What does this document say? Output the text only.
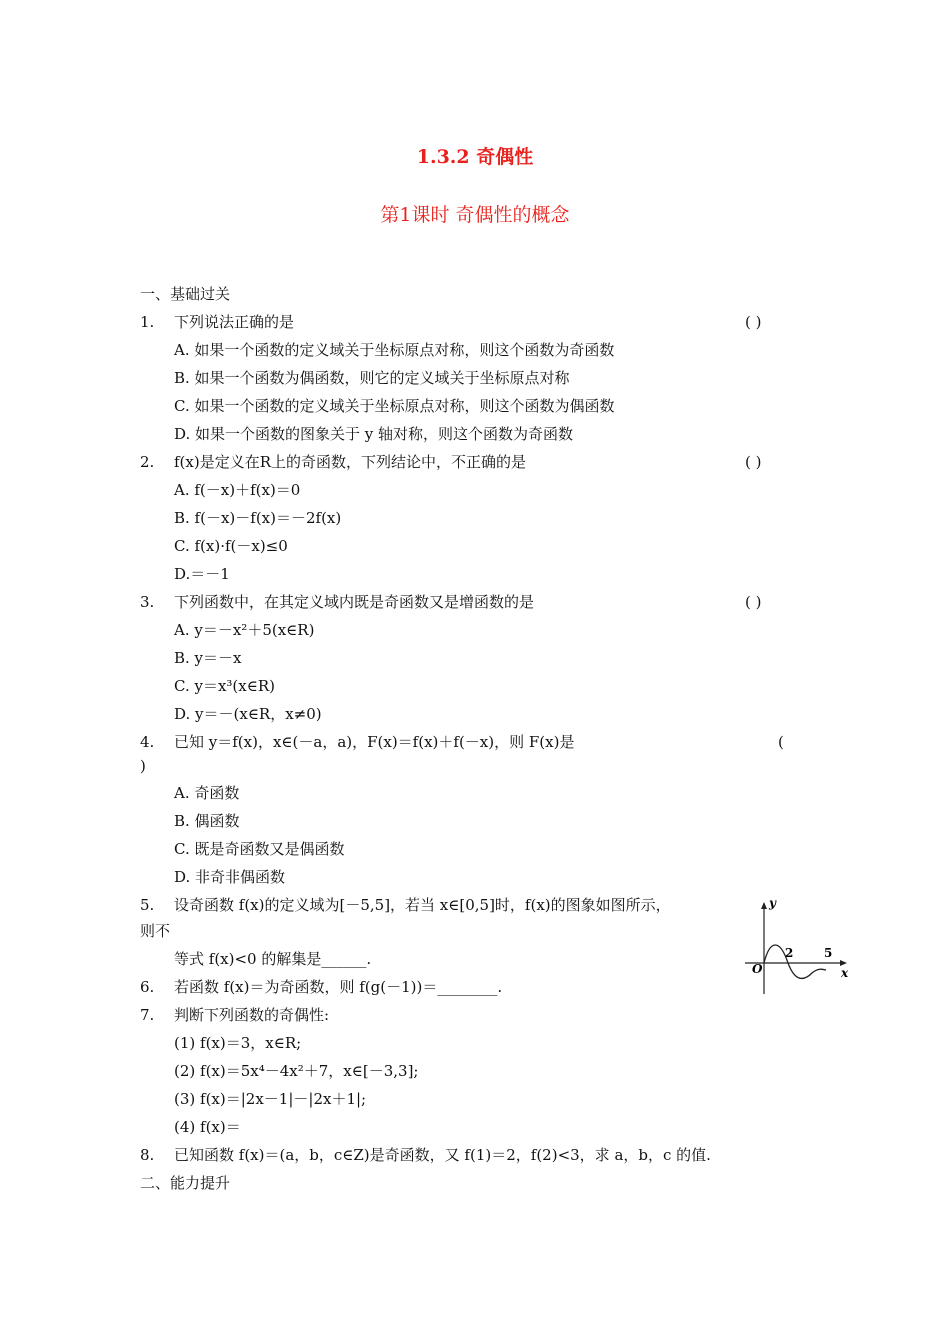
1.3.2 奇偶性
第1课时 奇偶性的概念
一、基础过关
1. 下列说法正确的是	( )
A. 如果一个函数的定义域关于坐标原点对称，则这个函数为奇函数
B. 如果一个函数为偶函数，则它的定义域关于坐标原点对称
C. 如果一个函数的定义域关于坐标原点对称，则这个函数为偶函数
D. 如果一个函数的图象关于 y 轴对称，则这个函数为奇函数
2. f(x)是定义在R上的奇函数，下列结论中，不正确的是	( )
A. f(－x)＋f(x)＝0
B. f(－x)－f(x)＝－2f(x)
C. f(x)·f(－x)≤0
D.＝－1
3. 下列函数中，在其定义域内既是奇函数又是增函数的是	( )
A. y＝－x²＋5(x∈R)
B. y＝－x
C. y＝x³(x∈R)
D. y＝－(x∈R，x≠0)
4. 已知 y＝f(x)，x∈(－a，a)，F(x)＝f(x)＋f(－x)，则 F(x)是	(
)
A. 奇函数
B. 偶函数
C. 既是奇函数又是偶函数
D. 非奇非偶函数
5. 设奇函数 f(x)的定义域为[－5,5]，若当 x∈[0,5]时，f(x)的图象如图所示，
则不
等式 f(x)<0 的解集是______.
y
x
O
2	5
6. 若函数 f(x)＝为奇函数，则 f(g(－1))＝________.
7. 判断下列函数的奇偶性:
(1) f(x)＝3，x∈R;
(2) f(x)＝5x⁴－4x²＋7，x∈[－3,3];
(3) f(x)＝|2x－1|－|2x＋1|;
(4) f(x)＝
8. 已知函数 f(x)＝(a，b，c∈Z)是奇函数，又 f(1)＝2，f(2)<3，求 a，b，c 的值.
二、能力提升
